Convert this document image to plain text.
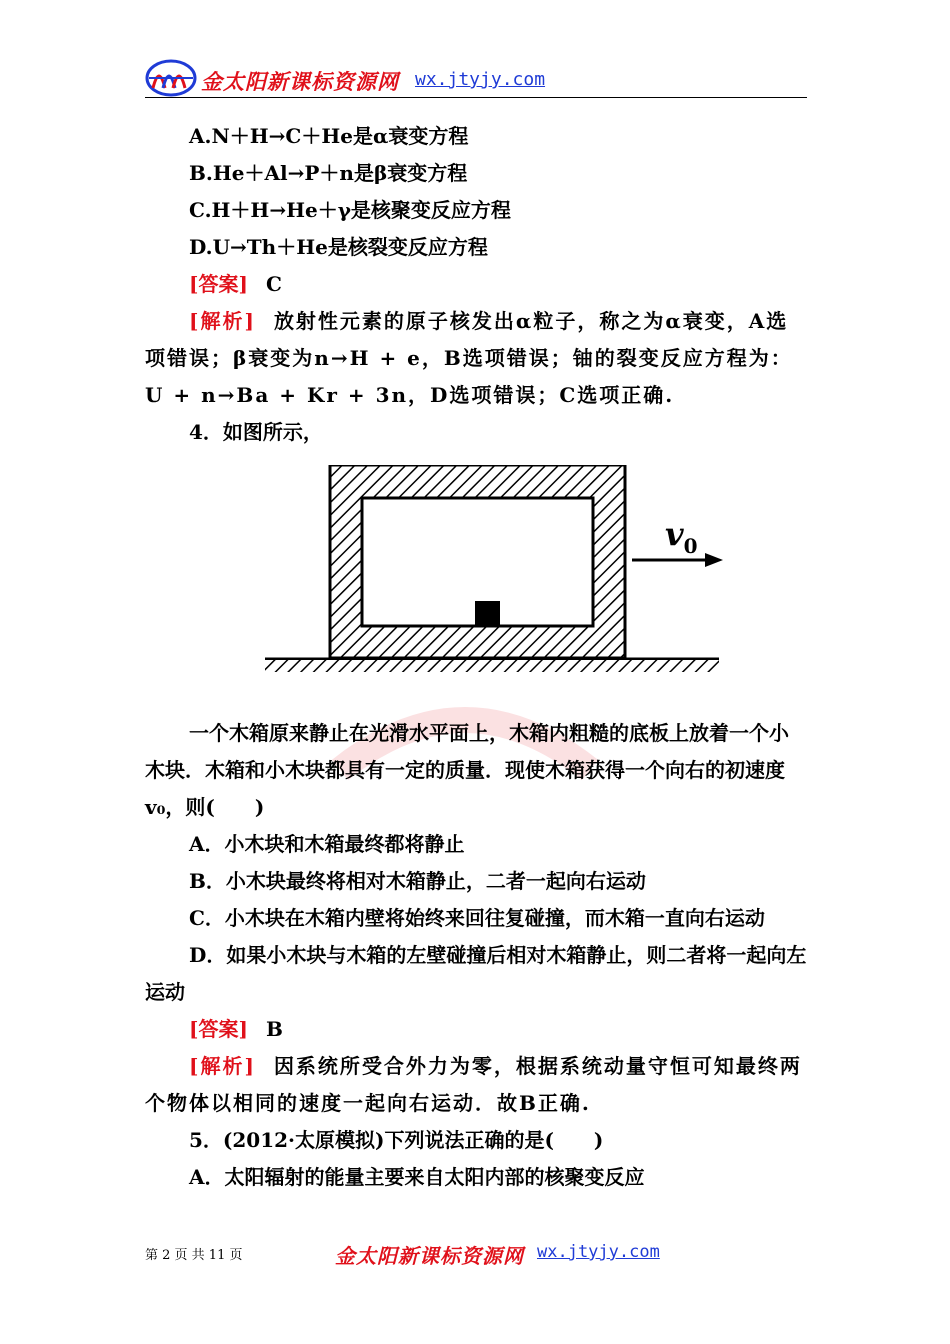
金太阳新课标资源网 wx.jtyjy.com

A.N＋H→C＋He是α衰变方程

B.He＋Al→P＋n是β衰变方程

C.H＋H→He＋γ是核聚变反应方程

D.U→Th＋He是核裂变反应方程

[答案] C

[解析] 放射性元素的原子核发出α粒子，称之为α衰变，A选项错误；β衰变为n→H + e，B选项错误；铀的裂变反应方程为：U + n→Ba + Kr + 3n，D选项错误；C选项正确.

4．如图所示，

$v_0$

一个木箱原来静止在光滑水平面上，木箱内粗糙的底板上放着一个小木块．木箱和小木块都具有一定的质量．现使木箱获得一个向右的初速度v₀，则(　　)

A．小木块和木箱最终都将静止

B．小木块最终将相对木箱静止，二者一起向右运动

C．小木块在木箱内壁将始终来回往复碰撞，而木箱一直向右运动

D．如果小木块与木箱的左壁碰撞后相对木箱静止，则二者将一起向左运动

[答案] B

[解析] 因系统所受合外力为零，根据系统动量守恒可知最终两个物体以相同的速度一起向右运动．故B正确.

5．(2012·太原模拟)下列说法正确的是(　　)

A．太阳辐射的能量主要来自太阳内部的核聚变反应

第 2 页 共 11 页	金太阳新课标资源网 wx.jtyjy.com
